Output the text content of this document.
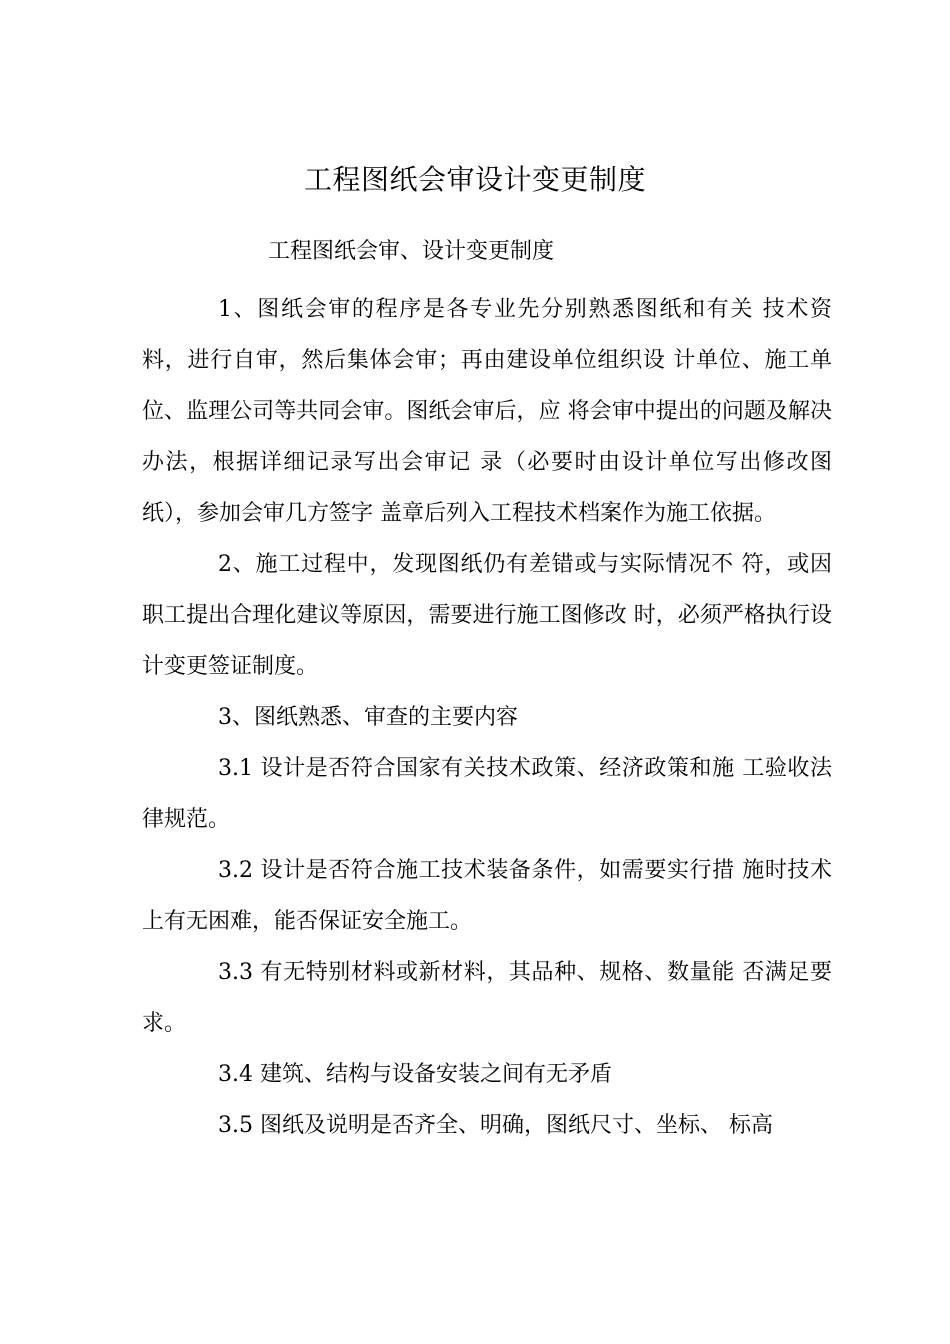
工程图纸会审设计变更制度
工程图纸会审、设计变更制度

1、图纸会审的程序是各专业先分别熟悉图纸和有关 技术资料，进行自审，然后集体会审；再由建设单位组织设 计单位、施工单位、监理公司等共同会审。图纸会审后，应 将会审中提出的问题及解决办法，根据详细记录写出会审记 录（必要时由设计单位写出修改图纸），参加会审几方签字 盖章后列入工程技术档案作为施工依据。

2、施工过程中，发现图纸仍有差错或与实际情况不 符，或因职工提出合理化建议等原因，需要进行施工图修改 时，必须严格执行设计变更签证制度。

3、图纸熟悉、审查的主要内容

3.1 设计是否符合国家有关技术政策、经济政策和施 工验收法律规范。

3.2 设计是否符合施工技术装备条件，如需要实行措 施时技术上有无困难，能否保证安全施工。

3.3 有无特别材料或新材料，其品种、规格、数量能 否满足要求。

3.4 建筑、结构与设备安装之间有无矛盾

3.5 图纸及说明是否齐全、明确，图纸尺寸、坐标、 标高
